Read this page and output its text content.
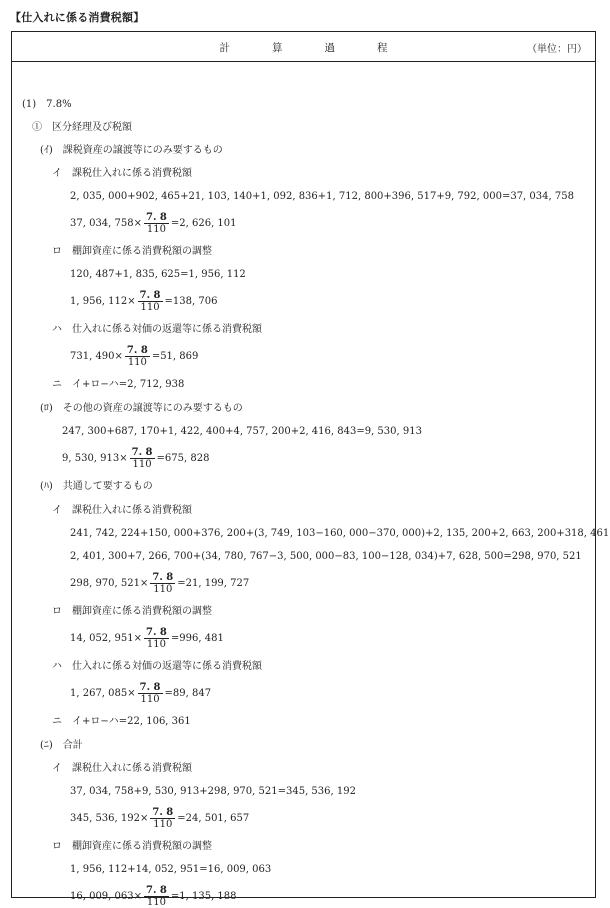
【仕入れに係る消費税額】
計算過程	（単位：円）
(1)　7.8%
①　区分経理及び税額
(ｲ)　課税資産の譲渡等にのみ要するもの
イ　課税仕入れに係る消費税額
2, 035, 000+902, 465+21, 103, 140+1, 092, 836+1, 712, 800+396, 517+9, 792, 000=37, 034, 758
37, 034, $758\times \frac{7. 8}{110} =2$, 626, 101
ロ　棚卸資産に係る消費税額の調整
120, 487+1, 835, 625=1, 956, 112
1, 956, $112\times \frac{7. 8}{110} =138$, 706
ハ　仕入れに係る対価の返還等に係る消費税額
731, $490\times \frac{7. 8}{110} =51$, 869
ニ　イ+ロ−ハ=2, 712, 938
(ﾛ)　その他の資産の譲渡等にのみ要するもの
247, 300+687, 170+1, 422, 400+4, 757, 200+2, 416, 843=9, 530, 913
9, 530, $913\times \frac{7. 8}{110} =675$, 828
(ﾊ)　共通して要するもの
イ　課税仕入れに係る消費税額
241, 742, 224+150, 000+376, 200+(3, 749, 103−160, 000−370, 000)+2, 135, 200+2, 663, 200+318, 461
2, 401, 300+7, 266, 700+(34, 780, 767−3, 500, 000−83, 100−128, 034)+7, 628, 500=298, 970, 521
298, 970, $521\times \frac{7. 8}{110} =21$, 199, 727
ロ　棚卸資産に係る消費税額の調整
14, 052, $951\times \frac{7. 8}{110} =996$, 481
ハ　仕入れに係る対価の返還等に係る消費税額
1, 267, $085\times \frac{7. 8}{110} =89$, 847
ニ　イ+ロ−ハ=22, 106, 361
(ﾆ)　合計
イ　課税仕入れに係る消費税額
37, 034, 758+9, 530, 913+298, 970, 521=345, 536, 192
345, 536, $192\times \frac{7. 8}{110} =24$, 501, 657
ロ　棚卸資産に係る消費税額の調整
1, 956, 112+14, 052, 951=16, 009, 063
16, 009, $063\times \frac{7. 8}{110} =1$, 135, 188
